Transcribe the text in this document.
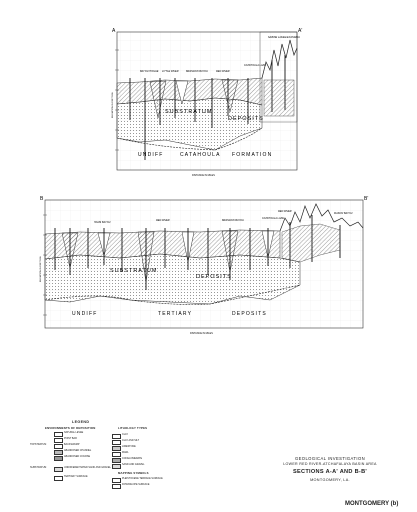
A	A'
BAYOU HOGUE LITTLE RIVER	BRANDON BAYOU	RED RIVER
CATAHOULA LAKE
SABINE LAKE ALEXANDRIA
SUBSTRATUM
DEPOSITS
UNDIFF	CATAHOULA FORMATION
DISTANCE IN MILES
ELEVATION IN FEET MSL
B	B'
HAMS BAYOU
RED RIVER	BRANDON BAYOU
RED RIVER
CATAHOULA LAKE
MASON BAYOU
SUBSTRATUM
DEPOSITS
UNDIFF	TERTIARY	DEPOSITS
DISTANCE IN MILES
ELEVATION IN FEET MSL
LEGEND
ENVIRONMENTS OF DEPOSITION
TOPSTRATUM
SUBSTRATUM
NATURAL LEVEE
POINT BAR
BACKSWAMP
ABANDONED CHANNEL
ABANDONED COURSE
UNDIFFERENTIATED SAND AND GRAVEL
TERTIARY SURFACE
LITHOLOGY TYPES
CLAY
CLAY AND SILT
LIMESTONE
MARL
CONGLOMERATE
SAND AND GRAVEL
MAPPING SYMBOLS
PLEISTOCENE TERRACE SURFACE
DOWNSLOPE SURFACE
GEOLOGICAL INVESTIGATION
LOWER RED RIVER-ATCHAFALAYA BASIN AREA
SECTIONS A-A' AND B-B'
MONTGOMERY, LA.
MONTGOMERY (b)
